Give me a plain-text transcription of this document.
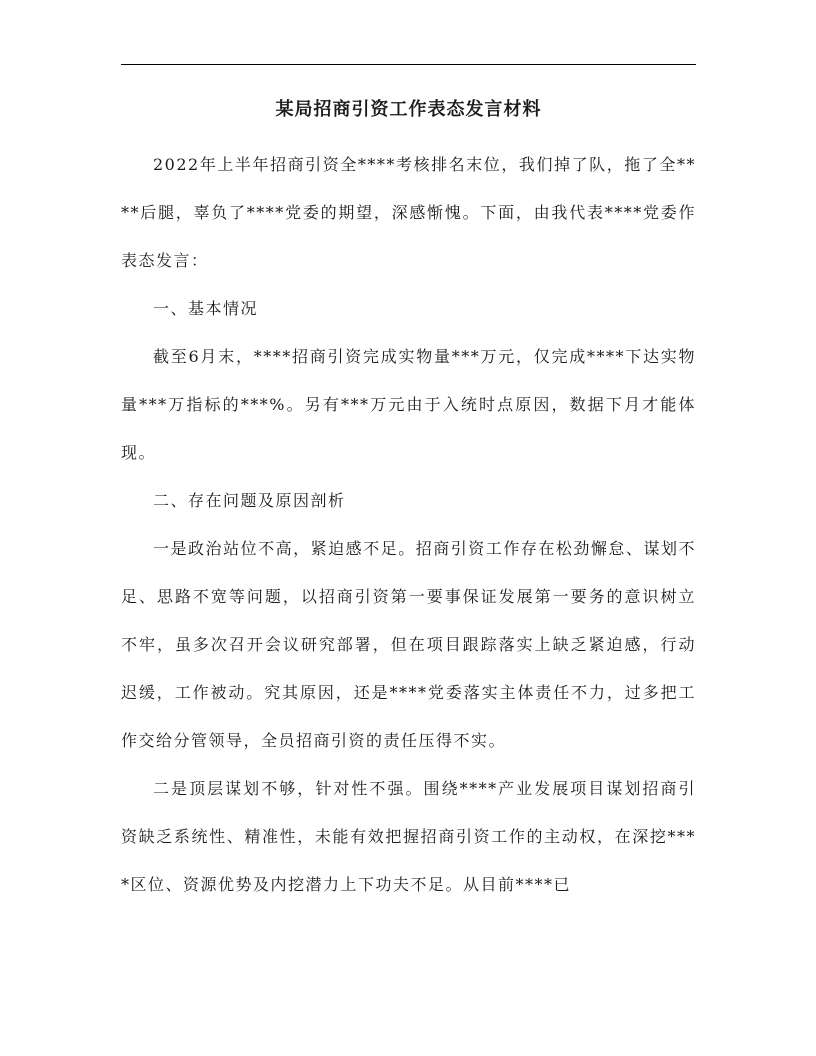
某局招商引资工作表态发言材料

2022年上半年招商引资全****考核排名末位，我们掉了队，拖了全****后腿，辜负了****党委的期望，深感惭愧。下面，由我代表****党委作表态发言：

一、基本情况

截至6月末，****招商引资完成实物量***万元，仅完成****下达实物量***万指标的***%。另有***万元由于入统时点原因，数据下月才能体现。

二、存在问题及原因剖析

一是政治站位不高，紧迫感不足。招商引资工作存在松劲懈怠、谋划不足、思路不宽等问题，以招商引资第一要事保证发展第一要务的意识树立不牢，虽多次召开会议研究部署，但在项目跟踪落实上缺乏紧迫感，行动迟缓，工作被动。究其原因，还是****党委落实主体责任不力，过多把工作交给分管领导，全员招商引资的责任压得不实。

二是顶层谋划不够，针对性不强。围绕****产业发展项目谋划招商引资缺乏系统性、精准性，未能有效把握招商引资工作的主动权，在深挖****区位、资源优势及内挖潜力上下功夫不足。从目前****已
